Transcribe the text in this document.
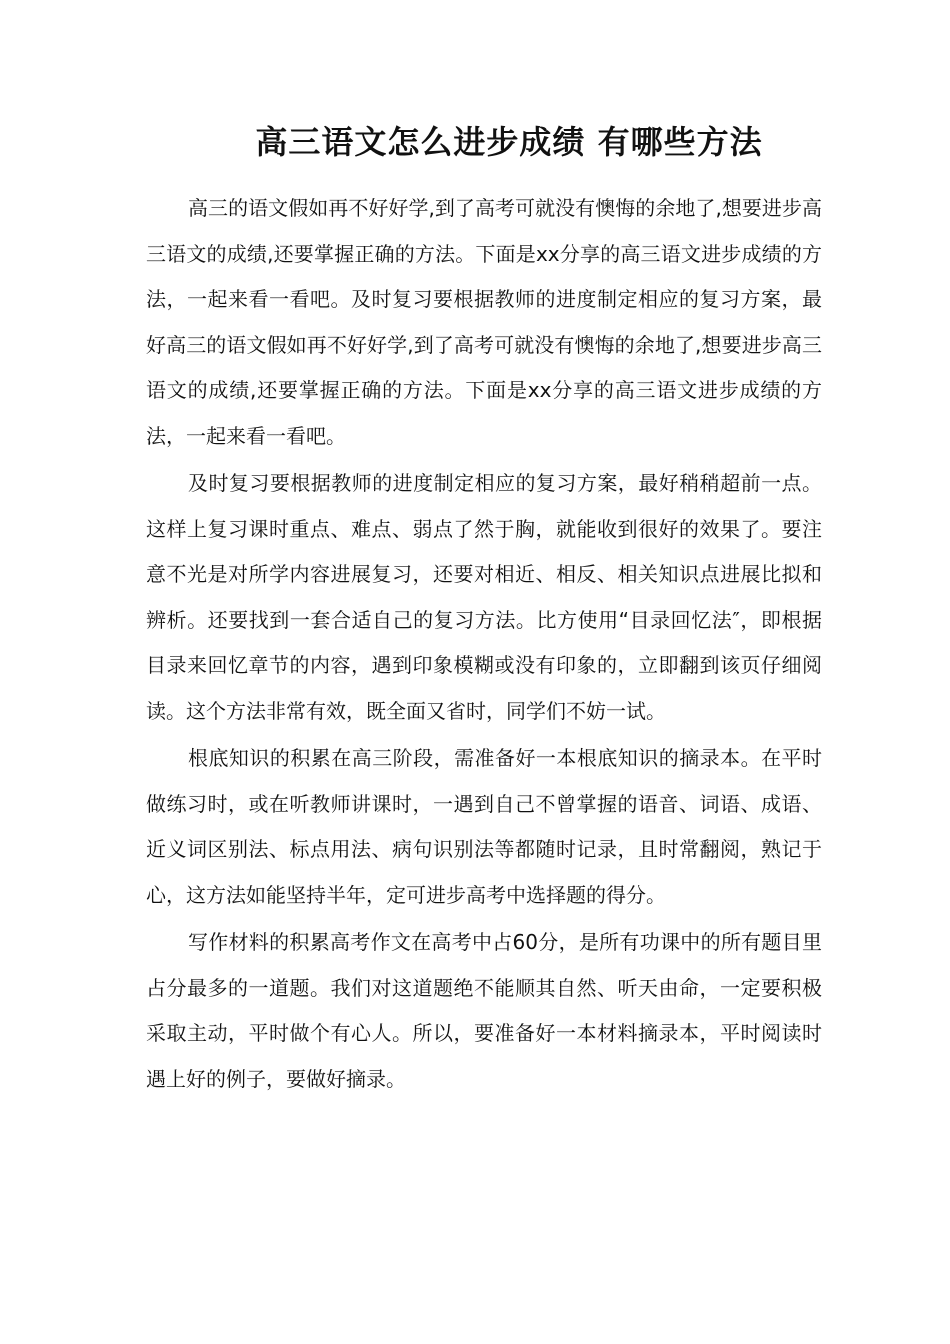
高三语文怎么进步成绩 有哪些方法

高三的语文假如再不好好学,到了高考可就没有懊悔的余地了,想要进步高三语文的成绩,还要掌握正确的方法。下面是xx分享的高三语文进步成绩的方法，一起来看一看吧。及时复习要根据教师的进度制定相应的复习方案，最好高三的语文假如再不好好学,到了高考可就没有懊悔的余地了,想要进步高三语文的成绩,还要掌握正确的方法。下面是xx分享的高三语文进步成绩的方法，一起来看一看吧。

及时复习要根据教师的进度制定相应的复习方案，最好稍稍超前一点。这样上复习课时重点、难点、弱点了然于胸，就能收到很好的效果了。要注意不光是对所学内容进展复习，还要对相近、相反、相关知识点进展比拟和辨析。还要找到一套合适自己的复习方法。比方使用“目录回忆法″，即根据目录来回忆章节的内容，遇到印象模糊或没有印象的，立即翻到该页仔细阅读。这个方法非常有效，既全面又省时，同学们不妨一试。

根底知识的积累在高三阶段，需准备好一本根底知识的摘录本。在平时做练习时，或在听教师讲课时，一遇到自己不曾掌握的语音、词语、成语、近义词区别法、标点用法、病句识别法等都随时记录，且时常翻阅，熟记于心，这方法如能坚持半年，定可进步高考中选择题的得分。

写作材料的积累高考作文在高考中占60分，是所有功课中的所有题目里占分最多的一道题。我们对这道题绝不能顺其自然、听天由命，一定要积极采取主动，平时做个有心人。所以，要准备好一本材料摘录本，平时阅读时遇上好的例子，要做好摘录。
